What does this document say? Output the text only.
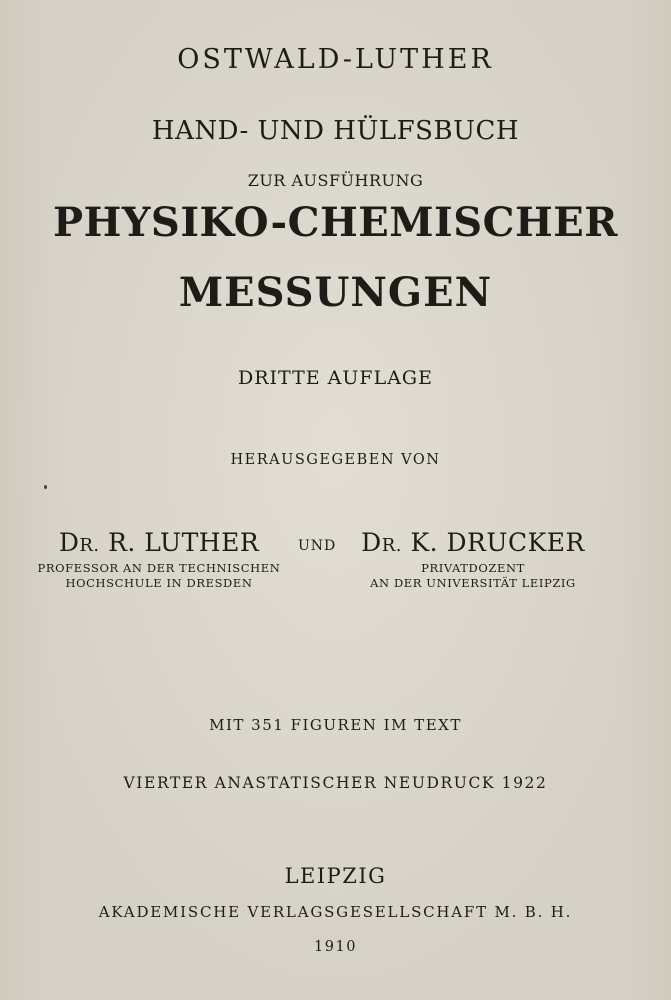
OSTWALD-LUTHER
HAND- UND HÜLFSBUCH
ZUR AUSFÜHRUNG
PHYSIKO-CHEMISCHER
MESSUNGEN
DRITTE AUFLAGE
HERAUSGEGEBEN VON
DR. R. LUTHER
PROFESSOR AN DER TECHNISCHEN
HOCHSCHULE IN DRESDEN
UND DR. K. DRUCKER
PRIVATDOZENT
AN DER UNIVERSITÄT LEIPZIG
MIT 351 FIGUREN IM TEXT
VIERTER ANASTATISCHER NEUDRUCK 1922
LEIPZIG
AKADEMISCHE VERLAGSGESELLSCHAFT M. B. H.
1910
